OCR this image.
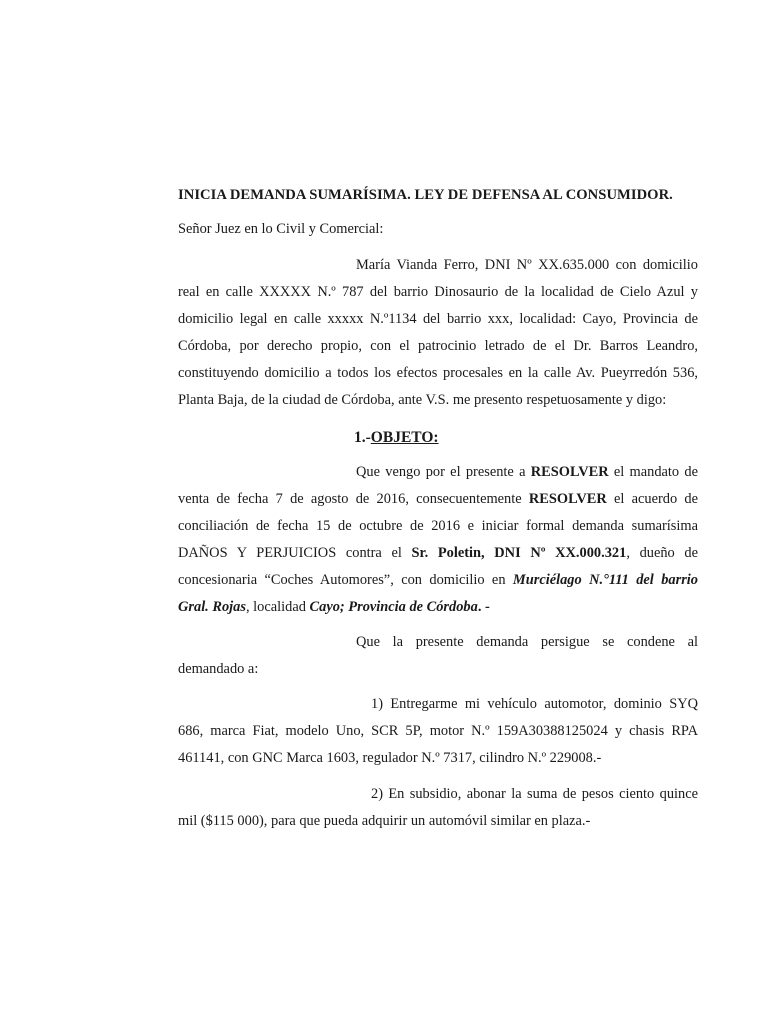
INICIA DEMANDA SUMARÍSIMA. LEY DE DEFENSA AL CONSUMIDOR.

Señor Juez en lo Civil y Comercial:

María Vianda Ferro, DNI Nº XX.635.000 con domicilio real en calle XXXXX N.º 787 del barrio Dinosaurio de la localidad de Cielo Azul y domicilio legal en calle xxxxx N.º1134 del barrio xxx, localidad: Cayo, Provincia de Córdoba, por derecho propio, con el patrocinio letrado de el Dr. Barros Leandro, constituyendo domicilio a todos los efectos procesales en la calle Av. Pueyrredón 536, Planta Baja, de la ciudad de Córdoba, ante V.S. me presento respetuosamente y digo:

1.-OBJETO:

Que vengo por el presente a RESOLVER el mandato de venta de fecha 7 de agosto de 2016, consecuentemente RESOLVER el acuerdo de conciliación de fecha 15 de octubre de 2016 e iniciar formal demanda sumarísima DAÑOS Y PERJUICIOS contra el Sr. Poletin, DNI Nº XX.000.321, dueño de concesionaria “Coches Automores”, con domicilio en Murciélago N.°111 del barrio Gral. Rojas, localidad Cayo; Provincia de Córdoba. -

Que la presente demanda persigue se condene al demandado a:

1) Entregarme mi vehículo automotor, dominio SYQ 686, marca Fiat, modelo Uno, SCR 5P, motor N.º 159A30388125024 y chasis RPA 461141, con GNC Marca 1603, regulador N.º 7317, cilindro N.º 229008.-

2) En subsidio, abonar la suma de pesos ciento quince mil ($115 000), para que pueda adquirir un automóvil similar en plaza.-
